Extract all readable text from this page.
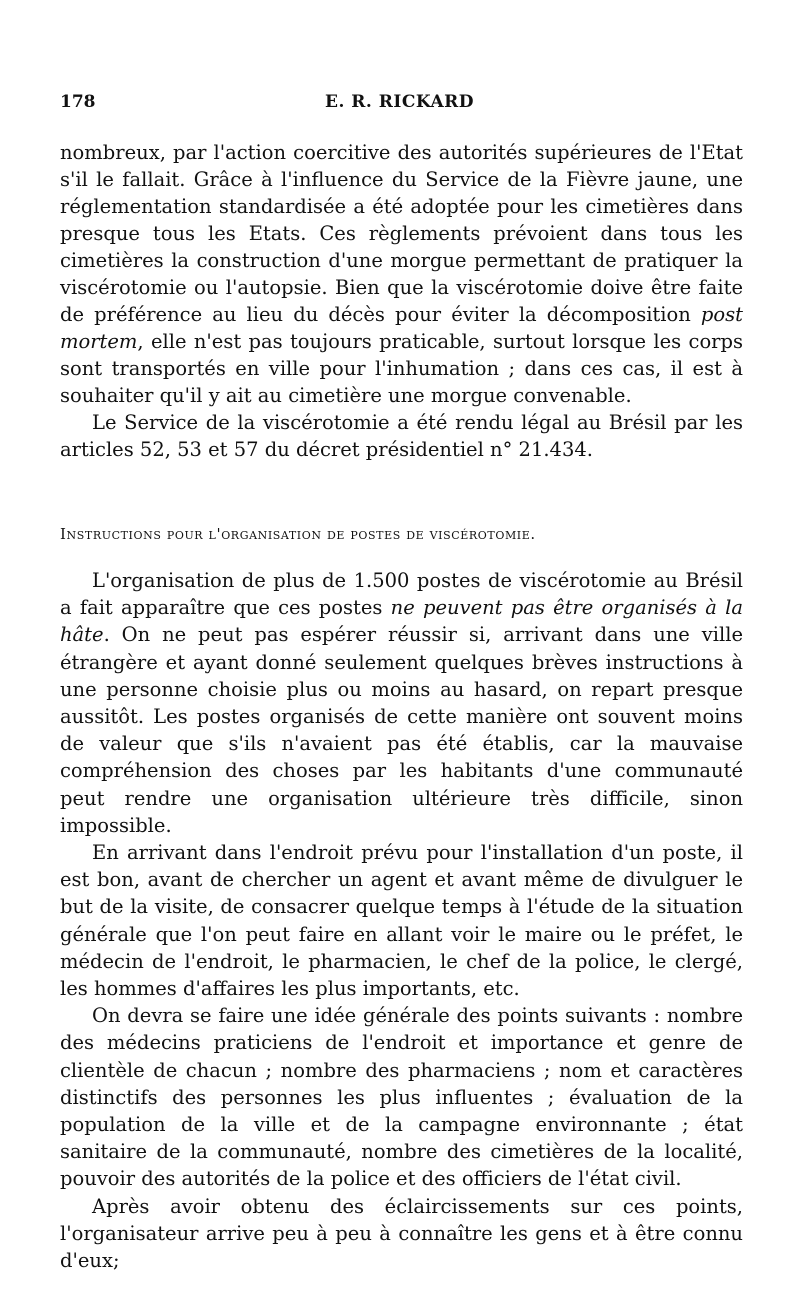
178	E. R. RICKARD

nombreux, par l'action coercitive des autorités supérieures de l'Etat s'il le fallait. Grâce à l'influence du Service de la Fièvre jaune, une réglementation standardisée a été adoptée pour les cimetières dans presque tous les Etats. Ces règlements prévoient dans tous les cimetières la construction d'une morgue permettant de pratiquer la viscérotomie ou l'autopsie. Bien que la viscérotomie doive être faite de préférence au lieu du décès pour éviter la décomposition post mortem, elle n'est pas toujours praticable, surtout lorsque les corps sont transportés en ville pour l'inhumation ; dans ces cas, il est à souhaiter qu'il y ait au cimetière une morgue convenable.

Le Service de la viscérotomie a été rendu légal au Brésil par les articles 52, 53 et 57 du décret présidentiel n° 21.434.

Instructions pour l'organisation de postes de viscérotomie.

L'organisation de plus de 1.500 postes de viscérotomie au Brésil a fait apparaître que ces postes ne peuvent pas être organisés à la hâte. On ne peut pas espérer réussir si, arrivant dans une ville étrangère et ayant donné seulement quelques brèves instructions à une personne choisie plus ou moins au hasard, on repart presque aussitôt. Les postes organisés de cette manière ont souvent moins de valeur que s'ils n'avaient pas été établis, car la mauvaise compréhension des choses par les habitants d'une communauté peut rendre une organisation ultérieure très difficile, sinon impossible.

En arrivant dans l'endroit prévu pour l'installation d'un poste, il est bon, avant de chercher un agent et avant même de divulguer le but de la visite, de consacrer quelque temps à l'étude de la situation générale que l'on peut faire en allant voir le maire ou le préfet, le médecin de l'endroit, le pharmacien, le chef de la police, le clergé, les hommes d'affaires les plus importants, etc.

On devra se faire une idée générale des points suivants : nombre des médecins praticiens de l'endroit et importance et genre de clientèle de chacun ; nombre des pharmaciens ; nom et caractères distinctifs des personnes les plus influentes ; évaluation de la population de la ville et de la campagne environnante ; état sanitaire de la communauté, nombre des cimetières de la localité, pouvoir des autorités de la police et des officiers de l'état civil.

Après avoir obtenu des éclaircissements sur ces points, l'organisateur arrive peu à peu à connaître les gens et à être connu d'eux;
